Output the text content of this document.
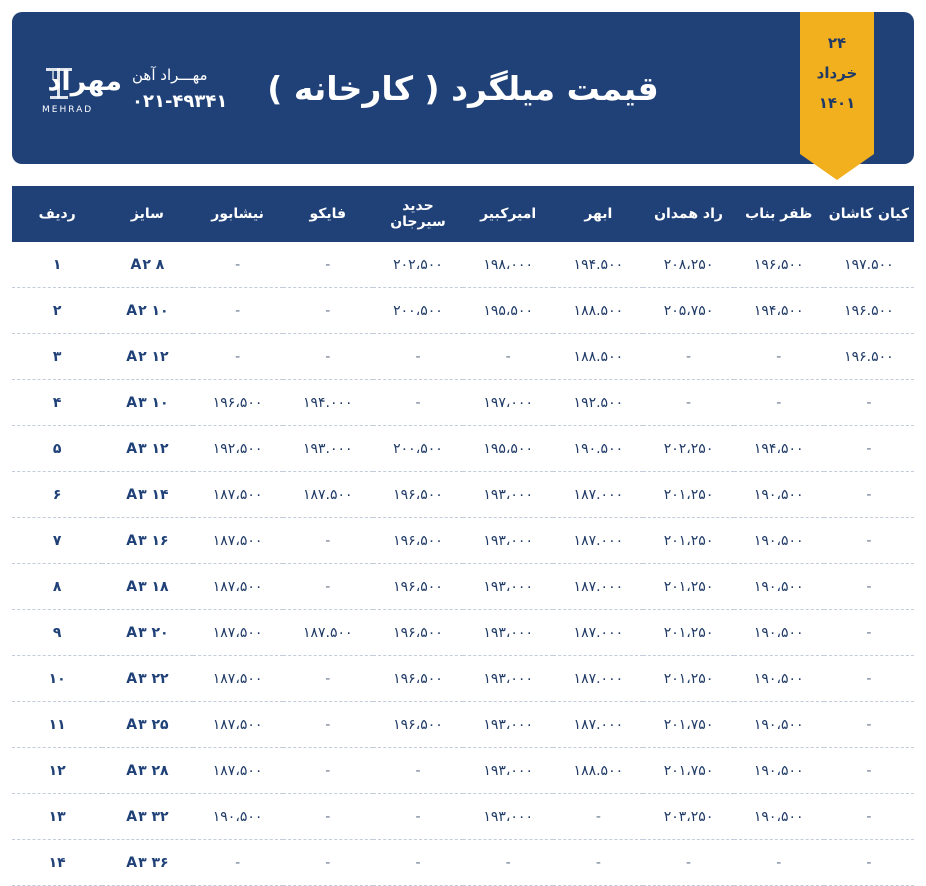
قیمت میلگرد ( کارخانه )
۲۴
خرداد
۱۴۰۱
مهـــراد آهن
۰۲۱-۴۹۳۴۱
مهراد
MEHRAD
کیان کاشان	ظفر بناب	راد همدان	ابهر	امیرکبیر	حدید سیرجان	فایکو	نیشابور	سایز	ردیف
۱۹۷.۵۰۰	۱۹۶،۵۰۰	۲۰۸،۲۵۰	۱۹۴.۵۰۰	۱۹۸،۰۰۰	۲۰۲،۵۰۰	-	-	A۲ ۸	۱
۱۹۶.۵۰۰	۱۹۴،۵۰۰	۲۰۵،۷۵۰	۱۸۸.۵۰۰	۱۹۵،۵۰۰	۲۰۰،۵۰۰	-	-	A۲ ۱۰	۲
۱۹۶.۵۰۰	-	-	۱۸۸.۵۰۰	-	-	-	-	A۲ ۱۲	۳
-	-	-	۱۹۲.۵۰۰	۱۹۷،۰۰۰	-	۱۹۴.۰۰۰	۱۹۶،۵۰۰	A۳ ۱۰	۴
-	۱۹۴،۵۰۰	۲۰۲،۲۵۰	۱۹۰.۵۰۰	۱۹۵،۵۰۰	۲۰۰،۵۰۰	۱۹۳.۰۰۰	۱۹۲،۵۰۰	A۳ ۱۲	۵
-	۱۹۰،۵۰۰	۲۰۱،۲۵۰	۱۸۷.۰۰۰	۱۹۳،۰۰۰	۱۹۶،۵۰۰	۱۸۷.۵۰۰	۱۸۷،۵۰۰	A۳ ۱۴	۶
-	۱۹۰،۵۰۰	۲۰۱،۲۵۰	۱۸۷.۰۰۰	۱۹۳،۰۰۰	۱۹۶،۵۰۰	-	۱۸۷،۵۰۰	A۳ ۱۶	۷
-	۱۹۰،۵۰۰	۲۰۱،۲۵۰	۱۸۷.۰۰۰	۱۹۳،۰۰۰	۱۹۶،۵۰۰	-	۱۸۷،۵۰۰	A۳ ۱۸	۸
-	۱۹۰،۵۰۰	۲۰۱،۲۵۰	۱۸۷.۰۰۰	۱۹۳،۰۰۰	۱۹۶،۵۰۰	۱۸۷.۵۰۰	۱۸۷،۵۰۰	A۳ ۲۰	۹
-	۱۹۰،۵۰۰	۲۰۱،۲۵۰	۱۸۷.۰۰۰	۱۹۳،۰۰۰	۱۹۶،۵۰۰	-	۱۸۷،۵۰۰	A۳ ۲۲	۱۰
-	۱۹۰،۵۰۰	۲۰۱،۷۵۰	۱۸۷.۰۰۰	۱۹۳،۰۰۰	۱۹۶،۵۰۰	-	۱۸۷،۵۰۰	A۳ ۲۵	۱۱
-	۱۹۰،۵۰۰	۲۰۱،۷۵۰	۱۸۸.۵۰۰	۱۹۳،۰۰۰	-	-	۱۸۷،۵۰۰	A۳ ۲۸	۱۲
-	۱۹۰،۵۰۰	۲۰۳،۲۵۰	-	۱۹۳،۰۰۰	-	-	۱۹۰،۵۰۰	A۳ ۳۲	۱۳
-	-	-	-	-	-	-	-	A۳ ۳۶	۱۴
